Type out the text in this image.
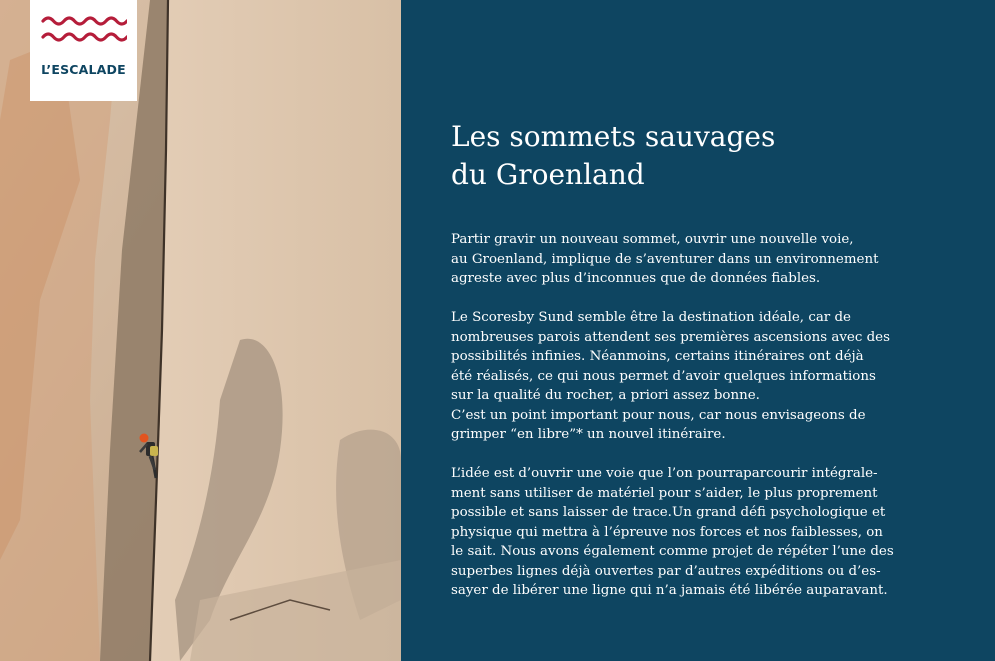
L’ESCALADE
Les sommets sauvages
du Groenland

Partir gravir un nouveau sommet, ouvrir une nouvelle voie,
au Groenland, implique de s’aventurer dans un environnement
agreste avec plus d’inconnues que de données fiables.

Le Scoresby Sund semble être la destination idéale, car de
nombreuses parois attendent ses premières ascensions avec des
possibilités infinies. Néanmoins, certains itinéraires ont déjà
été réalisés, ce qui nous permet d’avoir quelques informations
sur la qualité du rocher, a priori assez bonne.
C’est un point important pour nous, car nous envisageons de
grimper “en libre”* un nouvel itinéraire.

L’idée est d’ouvrir une voie que l’on pourraparcourir intégrale-
ment sans utiliser de matériel pour s’aider, le plus proprement
possible et sans laisser de trace.Un grand défi psychologique et
physique qui mettra à l’épreuve nos forces et nos faiblesses, on
le sait. Nous avons également comme projet de répéter l’une des
superbes lignes déjà ouvertes par d’autres expéditions ou d’es-
sayer de libérer une ligne qui n’a jamais été libérée auparavant.
